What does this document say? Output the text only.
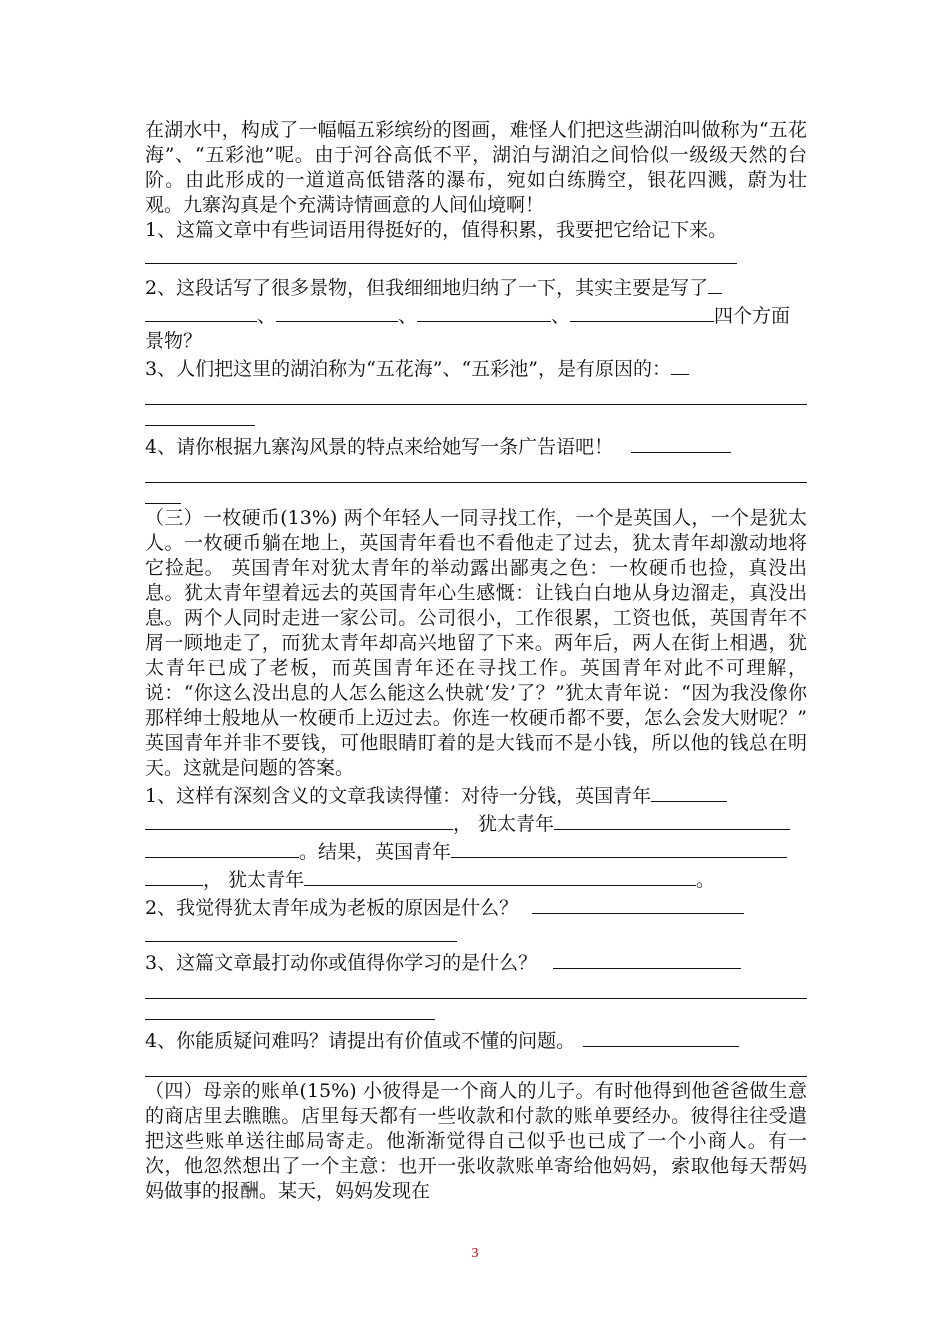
在湖水中，构成了一幅幅五彩缤纷的图画，难怪人们把这些湖泊叫做称为“五花海”、“五彩池”呢。由于河谷高低不平，湖泊与湖泊之间恰似一级级天然的台阶。由此形成的一道道高低错落的瀑布，宛如白练腾空，银花四溅，蔚为壮观。九寨沟真是个充满诗情画意的人间仙境啊！

1、这篇文章中有些词语用得挺好的，值得积累，我要把它给记下来。

2、这段话写了很多景物，但我细细地归纳了一下，其实主要是写了

、	、	、	四个方面

景物？

3、人们把这里的湖泊称为“五花海”、“五彩池”，是有原因的：

4、请你根据九寨沟风景的特点来给她写一条广告语吧！

（三）一枚硬币(13%) 两个年轻人一同寻找工作，一个是英国人，一个是犹太人。一枚硬币躺在地上，英国青年看也不看他走了过去，犹太青年却激动地将它捡起。 英国青年对犹太青年的举动露出鄙夷之色：一枚硬币也捡，真没出息。犹太青年望着远去的英国青年心生感慨：让钱白白地从身边溜走，真没出息。两个人同时走进一家公司。公司很小，工作很累，工资也低，英国青年不屑一顾地走了，而犹太青年却高兴地留了下来。两年后，两人在街上相遇，犹太青年已成了老板，而英国青年还在寻找工作。英国青年对此不可理解，说：“你这么没出息的人怎么能这么快就‘发’了？”犹太青年说：“因为我没像你那样绅士般地从一枚硬币上迈过去。你连一枚硬币都不要，怎么会发大财呢？” 英国青年并非不要钱，可他眼睛盯着的是大钱而不是小钱，所以他的钱总在明天。这就是问题的答案。

1、这样有深刻含义的文章我读得懂：对待一分钱，英国青年

， 犹太青年

。结果，英国青年

， 犹太青年	。

2、我觉得犹太青年成为老板的原因是什么？

3、这篇文章最打动你或值得你学习的是什么？

4、你能质疑问难吗？请提出有价值或不懂的问题。

（四）母亲的账单(15%) 小彼得是一个商人的儿子。有时他得到他爸爸做生意的商店里去瞧瞧。店里每天都有一些收款和付款的账单要经办。彼得往往受遣把这些账单送往邮局寄走。他渐渐觉得自己似乎也已成了一个小商人。有一次，他忽然想出了一个主意：也开一张收款账单寄给他妈妈，索取他每天帮妈妈做事的报酬。某天，妈妈发现在

3
